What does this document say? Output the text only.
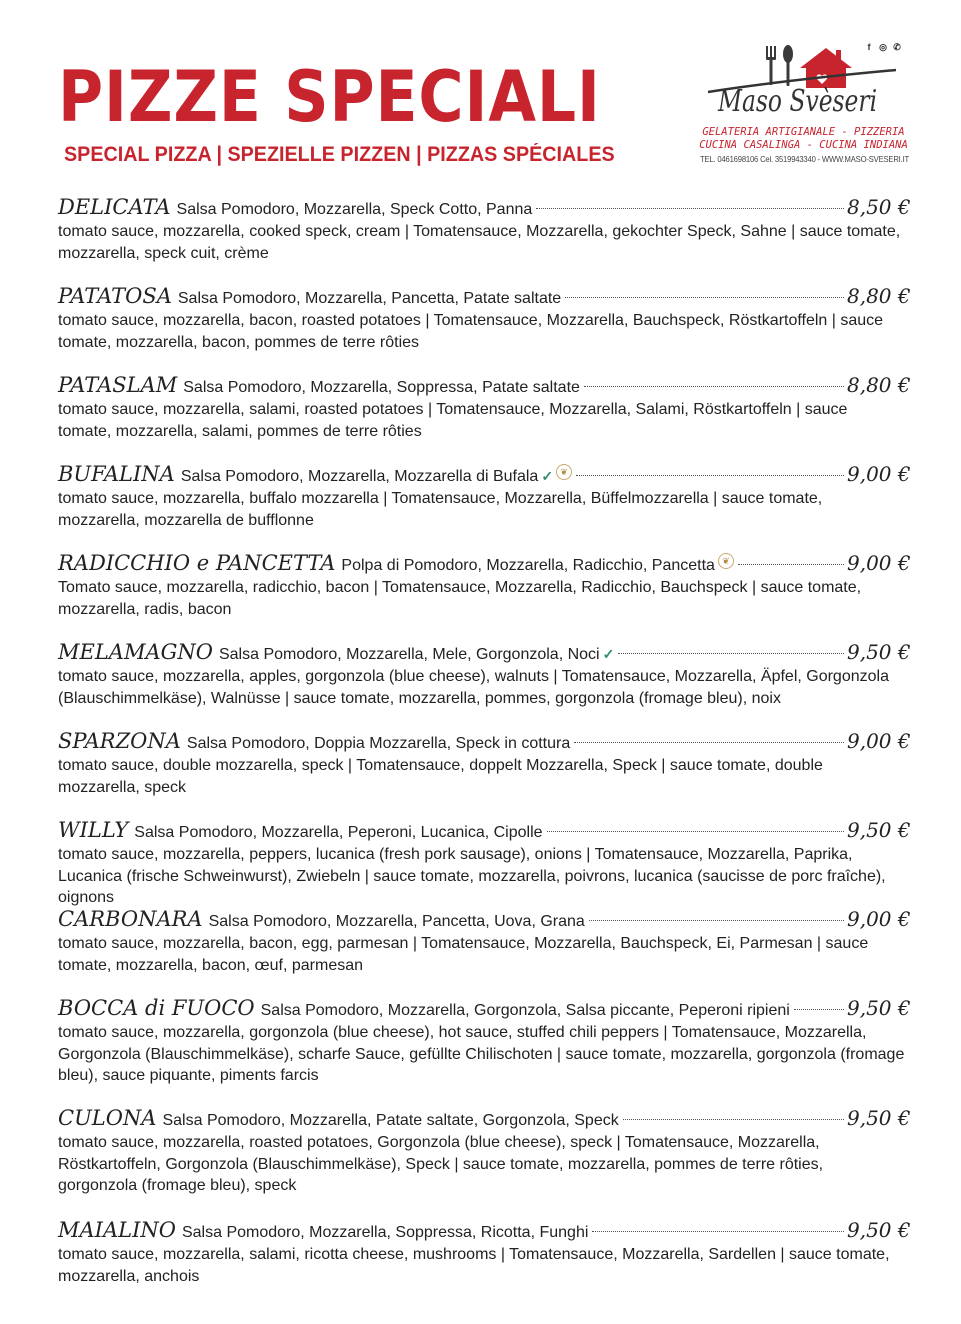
PIZZE SPECIALI
SPECIAL PIZZA | SPEZIELLE PIZZEN | PIZZAS SPÉCIALES
f ◎ ✆
Maso Svèseri
GELATERIA ARTIGIANALE - PIZZERIA
CUCINA CASALINGA - CUCINA INDIANA
TEL. 0461698106 Cel. 3519943340 - WWW.MASO-SVESERI.IT
DELICATA Salsa Pomodoro, Mozzarella, Speck Cotto, Panna	8,50 €
tomato sauce, mozzarella, cooked speck, cream | Tomatensauce, Mozzarella, gekochter Speck, Sahne | sauce tomate, mozzarella, speck cuit, crème
PATATOSA Salsa Pomodoro, Mozzarella, Pancetta, Patate saltate	8,80 €
tomato sauce, mozzarella, bacon, roasted potatoes | Tomatensauce, Mozzarella, Bauchspeck, Röstkartoffeln | sauce tomate, mozzarella, bacon, pommes de terre rôties
PATASLAM Salsa Pomodoro, Mozzarella, Soppressa, Patate saltate	8,80 €
tomato sauce, mozzarella, salami, roasted potatoes | Tomatensauce, Mozzarella, Salami, Röstkartoffeln | sauce tomate, mozzarella, salami, pommes de terre rôties
BUFALINA Salsa Pomodoro, Mozzarella, Mozzarella di Bufala ✓ ❦	9,00 €
tomato sauce, mozzarella, buffalo mozzarella | Tomatensauce, Mozzarella, Büffelmozzarella | sauce tomate, mozzarella, mozzarella de bufflonne
RADICCHIO e PANCETTA Polpa di Pomodoro, Mozzarella, Radicchio, Pancetta ❦	9,00 €
Tomato sauce, mozzarella, radicchio, bacon | Tomatensauce, Mozzarella, Radicchio, Bauchspeck | sauce tomate, mozzarella, radis, bacon
MELAMAGNO Salsa Pomodoro, Mozzarella, Mele, Gorgonzola, Noci ✓	9,50 €
tomato sauce, mozzarella, apples, gorgonzola (blue cheese), walnuts | Tomatensauce, Mozzarella, Äpfel, Gorgonzola (Blauschimmelkäse), Walnüsse | sauce tomate, mozzarella, pommes, gorgonzola (fromage bleu), noix
SPARZONA Salsa Pomodoro, Doppia Mozzarella, Speck in cottura	9,00 €
tomato sauce, double mozzarella, speck | Tomatensauce, doppelt Mozzarella, Speck | sauce tomate, double mozzarella, speck
WILLY Salsa Pomodoro, Mozzarella, Peperoni, Lucanica, Cipolle	9,50 €
tomato sauce, mozzarella, peppers, lucanica (fresh pork sausage), onions | Tomatensauce, Mozzarella, Paprika, Lucanica (frische Schweinwurst), Zwiebeln | sauce tomate, mozzarella, poivrons, lucanica (saucisse de porc fraîche), oignons
CARBONARA Salsa Pomodoro, Mozzarella, Pancetta, Uova, Grana	9,00 €
tomato sauce, mozzarella, bacon, egg, parmesan | Tomatensauce, Mozzarella, Bauchspeck, Ei, Parmesan | sauce tomate, mozzarella, bacon, œuf, parmesan
BOCCA di FUOCO Salsa Pomodoro, Mozzarella, Gorgonzola, Salsa piccante, Peperoni ripieni	9,50 €
tomato sauce, mozzarella, gorgonzola (blue cheese), hot sauce, stuffed chili peppers | Tomatensauce, Mozzarella, Gorgonzola (Blauschimmelkäse), scharfe Sauce, gefüllte Chilischoten | sauce tomate, mozzarella, gorgonzola (fromage bleu), sauce piquante, piments farcis
CULONA Salsa Pomodoro, Mozzarella, Patate saltate, Gorgonzola, Speck	9,50 €
tomato sauce, mozzarella, roasted potatoes, Gorgonzola (blue cheese), speck | Tomatensauce, Mozzarella, Röstkartoffeln, Gorgonzola (Blauschimmelkäse), Speck | sauce tomate, mozzarella, pommes de terre rôties, gorgonzola (fromage bleu), speck
MAIALINO Salsa Pomodoro, Mozzarella, Soppressa, Ricotta, Funghi	9,50 €
tomato sauce, mozzarella, salami, ricotta cheese, mushrooms | Tomatensauce, Mozzarella, Sardellen | sauce tomate, mozzarella, anchois
